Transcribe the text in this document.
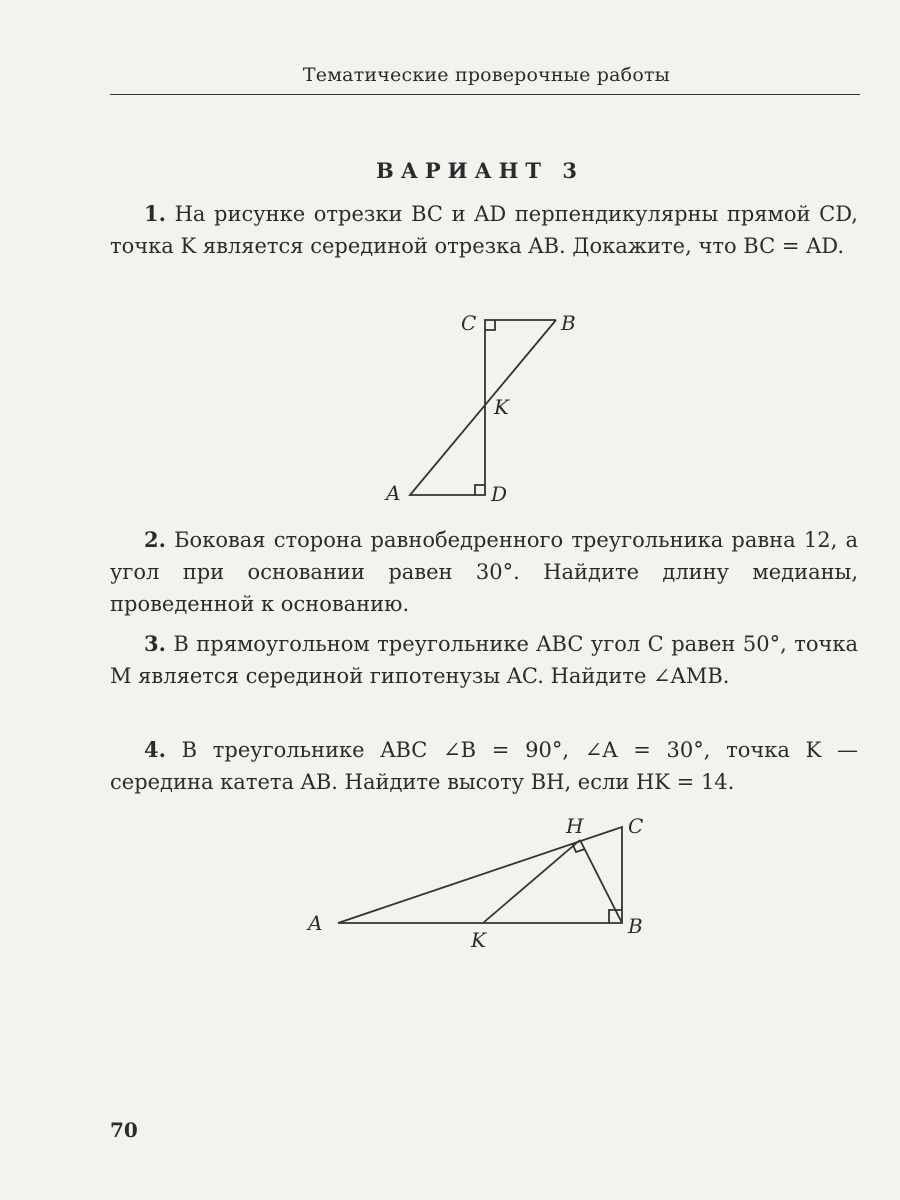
Тематические проверочные работы
ВАРИАНТ 3
1. На рисунке отрезки BC и AD перпендикулярны прямой CD, точка K является серединой отрезка AB. Докажите, что BC = AD.
C	B
K
A	D
2. Боковая сторона равнобедренного треугольника равна 12, а угол при основании равен 30°. Найдите длину медианы, проведенной к основанию.
3. В прямоугольном треугольнике ABC угол C равен 50°, точка M является серединой гипотенузы AC. Найдите ∠AMB.
4. В треугольнике ABC ∠B = 90°, ∠A = 30°, точка K — середина катета AB. Найдите высоту BH, если HK = 14.
H C
A
K
B
70
